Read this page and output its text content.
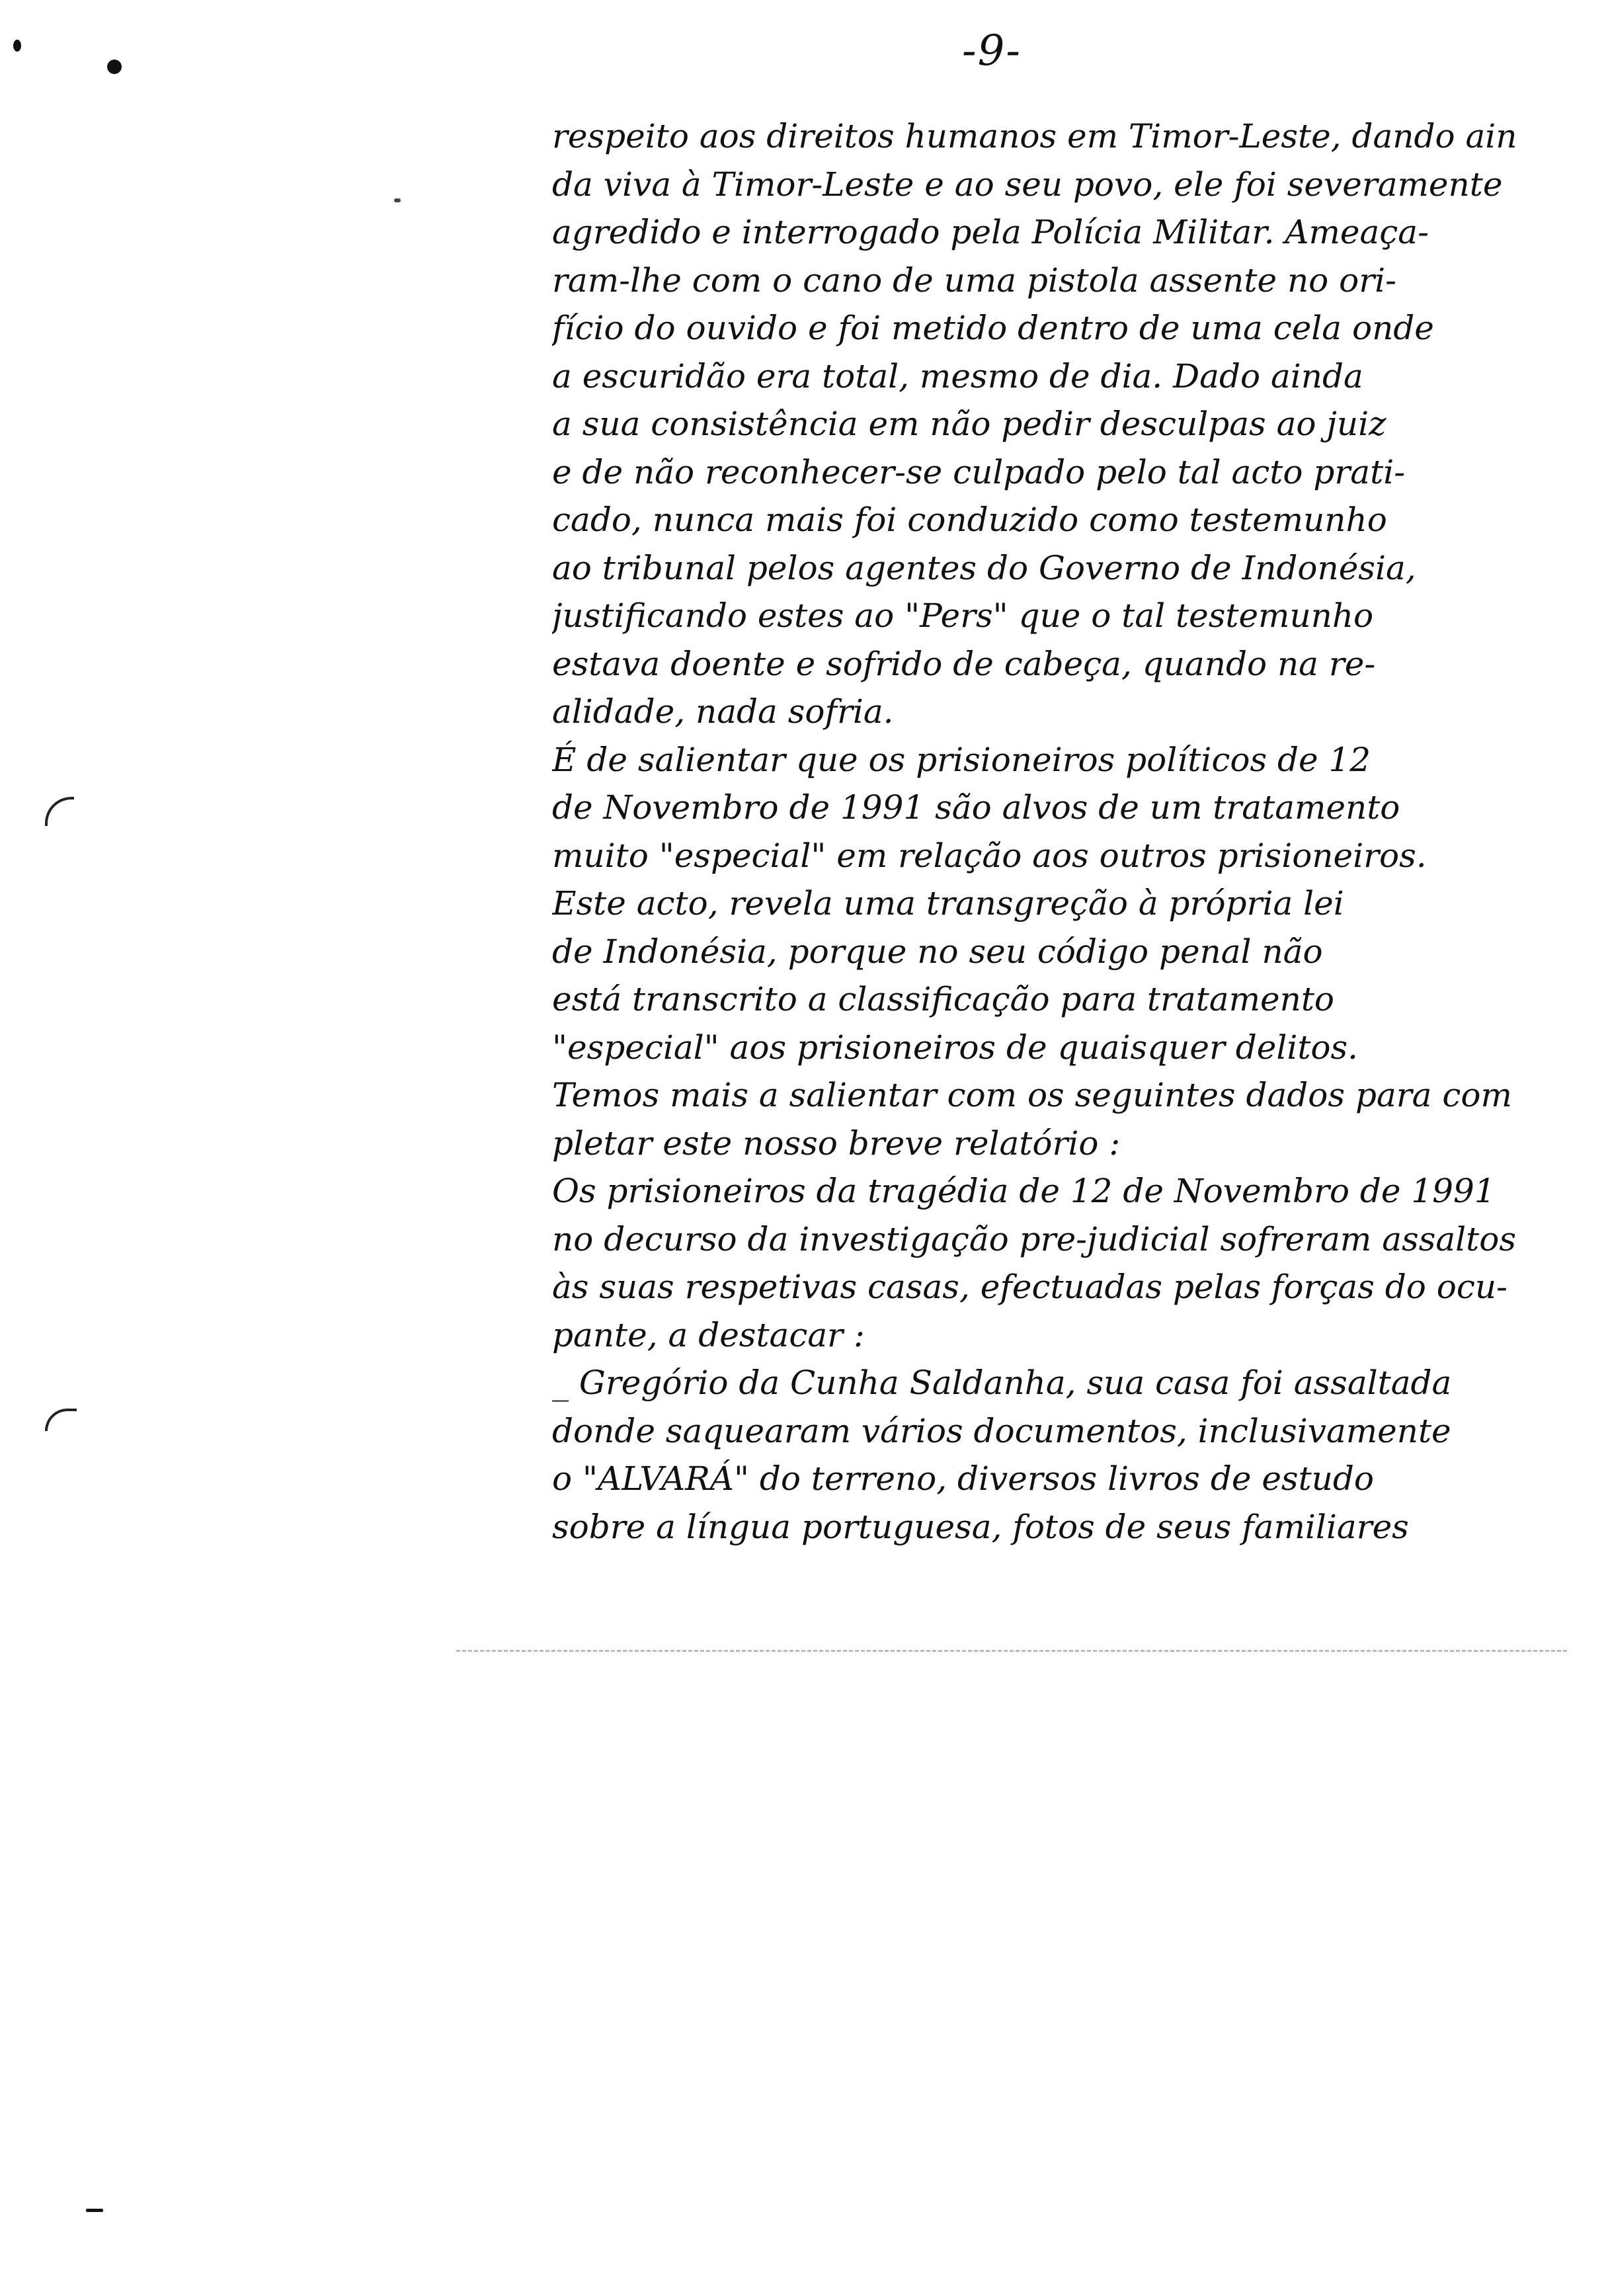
-9-
respeito aos direitos humanos em Timor-Leste, dando ain
da viva à Timor-Leste e ao seu povo, ele foi severamente
agredido e interrogado pela Polícia Militar. Ameaça-
ram-lhe com o cano de uma pistola assente no ori-
fício do ouvido e foi metido dentro de uma cela onde
a escuridão era total, mesmo de dia. Dado ainda
a sua consistência em não pedir desculpas ao juiz
e de não reconhecer-se culpado pelo tal acto prati-
cado, nunca mais foi conduzido como testemunho
ao tribunal pelos agentes do Governo de Indonésia,
justificando estes ao "Pers" que o tal testemunho
estava doente e sofrido de cabeça, quando na re-
alidade, nada sofria.
É de salientar que os prisioneiros políticos de 12
de Novembro de 1991 são alvos de um tratamento
muito "especial" em relação aos outros prisioneiros.
Este acto, revela uma transgreção à própria lei
de Indonésia, porque no seu código penal não
está transcrito a classificação para tratamento
"especial" aos prisioneiros de quaisquer delitos.
Temos mais a salientar com os seguintes dados para com
pletar este nosso breve relatório :
Os prisioneiros da tragédia de 12 de Novembro de 1991
no decurso da investigação pre-judicial sofreram assaltos
às suas respetivas casas, efectuadas pelas forças do ocu-
pante, a destacar :
_ Gregório da Cunha Saldanha, sua casa foi assaltada
donde saquearam vários documentos, inclusivamente
o "ALVARÁ" do terreno, diversos livros de estudo
sobre a língua portuguesa, fotos de seus familiares
